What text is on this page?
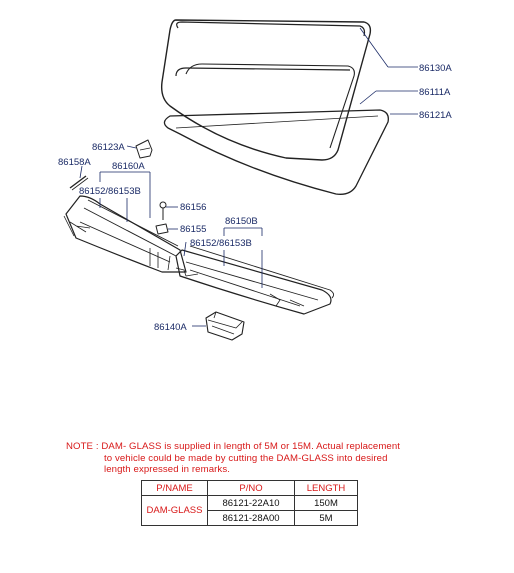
86130A
86111A
86121A
86123A
86158A 86160A
86152/86153B
86156
86150B
86155
86152/86153B
86140A
NOTE : DAM- GLASS is supplied in length of 5M or 15M. Actual replacement
to vehicle could be made by cutting the DAM-GLASS into desired
length expressed in remarks.
P/NAME	P/NO	LENGTH
DAM-GLASS	86121-22A10	150M
	86121-28A00	5M
